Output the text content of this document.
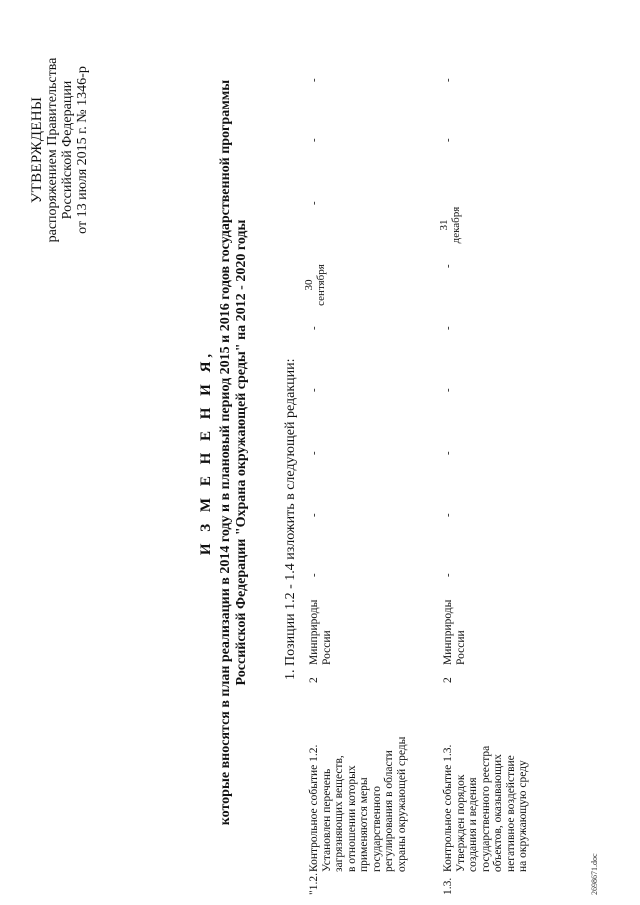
УТВЕРЖДЕНЫ распоряжением Правительства Российской Федерации от 13 июля 2015 г. № 1346-р
И З М Е Н Е Н И Я, которые вносятся в план реализации в 2014 году и в плановый период 2015 и 2016 годов государственной программы Российской Федерации "Охрана окружающей среды" на 2012 - 2020 годы 1. Позиции 1.2 - 1.4 изложить в следующей редакции:
"1.2.
Контрольное событие 1.2. Установлен перечень загрязняющих веществ, в отношении которых применяются меры государственного регулирования в области охраны окружающей среды
2
Минприроды России
-
-
-
-
-
30 сентября
-
-
-
1.3.
Контрольное событие 1.3. Утвержден порядок создания и ведения государственного реестра объектов, оказывающих негативное воздействие на окружающую среду
2
Минприроды России
-
-
-
-
-
-
31 декабря
-
-
2698671.doc
